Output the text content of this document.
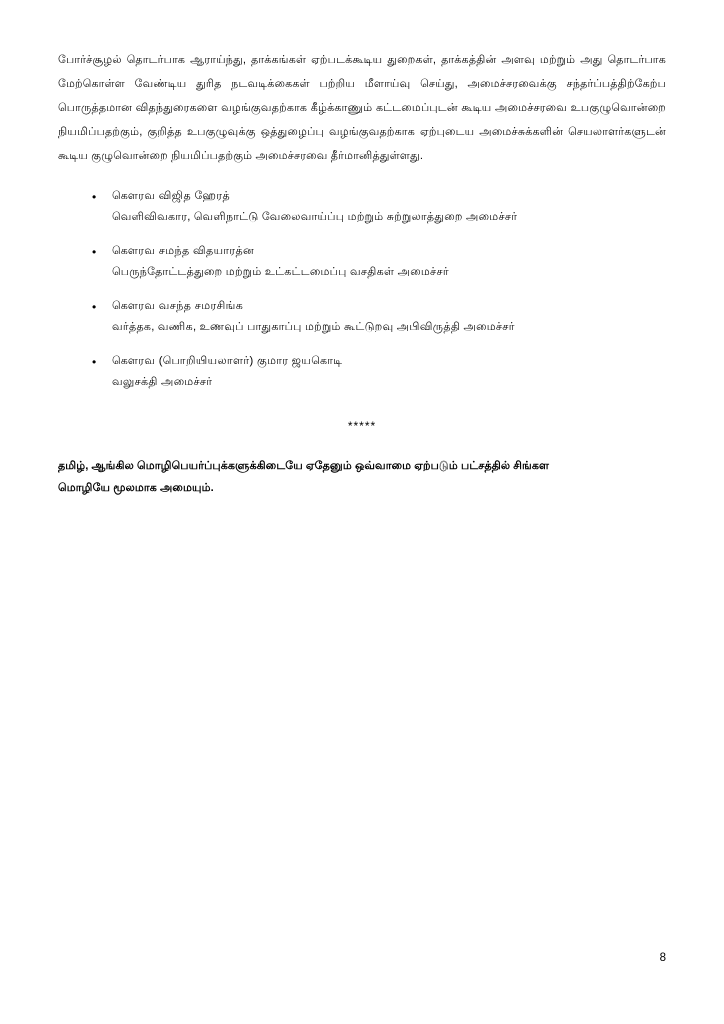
போர்ச்சூழல் தொடர்பாக ஆராய்ந்து, தாக்கங்கள் ஏற்படக்கூடிய துறைகள், தாக்கத்தின் அளவு மற்றும் அது தொடர்பாக மேற்கொள்ள வேண்டிய துரித நடவடிக்கைகள் பற்றிய மீளாய்வு செய்து, அமைச்சரவைக்கு சந்தர்ப்பத்திற்கேற்ப பொருத்தமான விதந்துரைகளை வழங்குவதற்காக கீழ்க்காணும் கட்டமைப்புடன் கூடிய அமைச்சரவை உபகுழுவொன்றை நியமிப்பதற்கும், குறித்த உபகுழுவுக்கு ஒத்துழைப்பு வழங்குவதற்காக ஏற்புடைய அமைச்சுக்களின் செயலாளர்களுடன் கூடிய குழுவொன்றை நியமிப்பதற்கும் அமைச்சரவை தீர்மானித்துள்ளது.

• கௌரவ விஜித ஹேரத்
வெளிவிவகார, வெளிநாட்டு வேலைவாய்ப்பு மற்றும் சுற்றுலாத்துறை அமைச்சர்
• கௌரவ சமந்த விதயாரத்ன
பெருந்தோட்டத்துறை மற்றும் உட்கட்டமைப்பு வசதிகள் அமைச்சர்
• கௌரவ வசந்த சமரசிங்க
வர்த்தக, வணிக, உணவுப் பாதுகாப்பு மற்றும் கூட்டுறவு அபிவிருத்தி அமைச்சர்
• கௌரவ (பொறியியலாளர்) குமார ஜயகொடி
வலுசக்தி அமைச்சர்
*****
தமிழ், ஆங்கில மொழிபெயர்ப்புக்களுக்கிடையே ஏதேனும் ஒவ்வாமை ஏற்படும் பட்சத்தில் சிங்கள
மொழியே மூலமாக அமையும்.
8
